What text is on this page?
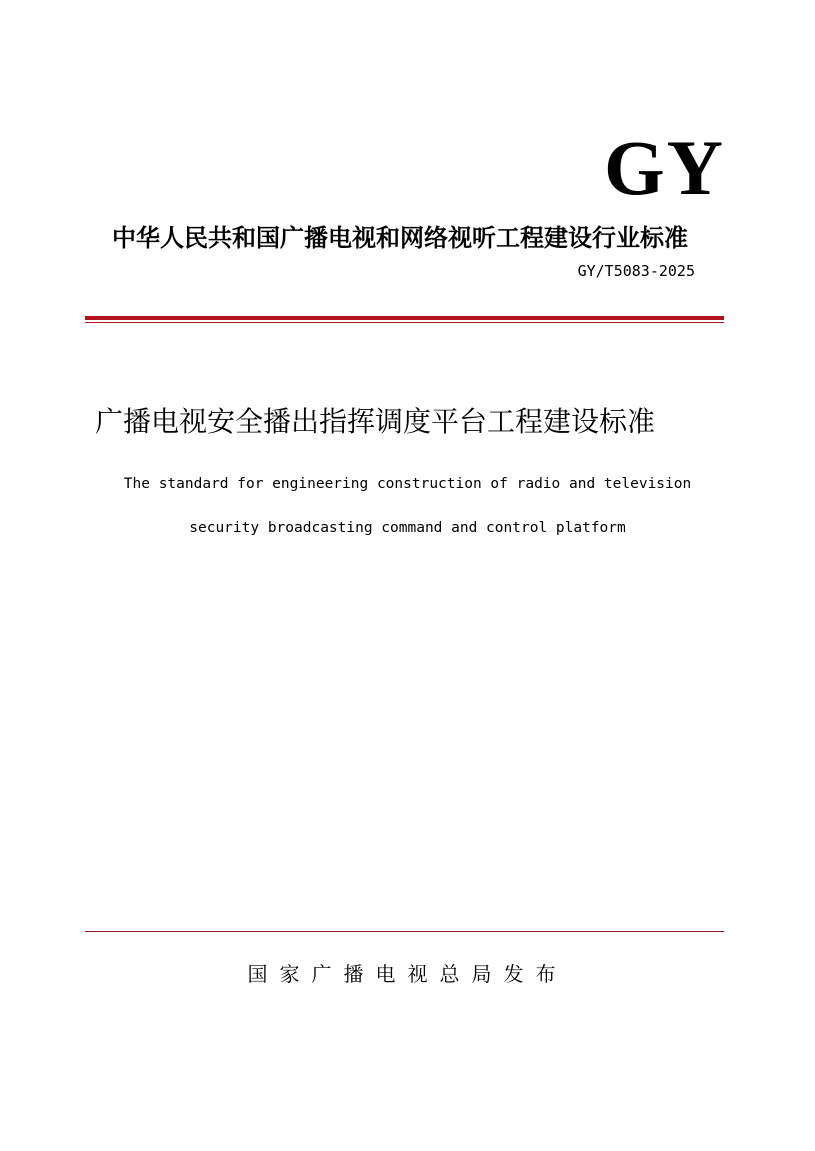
GY
中华人民共和国广播电视和网络视听工程建设行业标准
GY/T5083-2025
广播电视安全播出指挥调度平台工程建设标准
The standard for engineering construction of radio and television
security broadcasting command and control platform
国家广播电视总局发布
